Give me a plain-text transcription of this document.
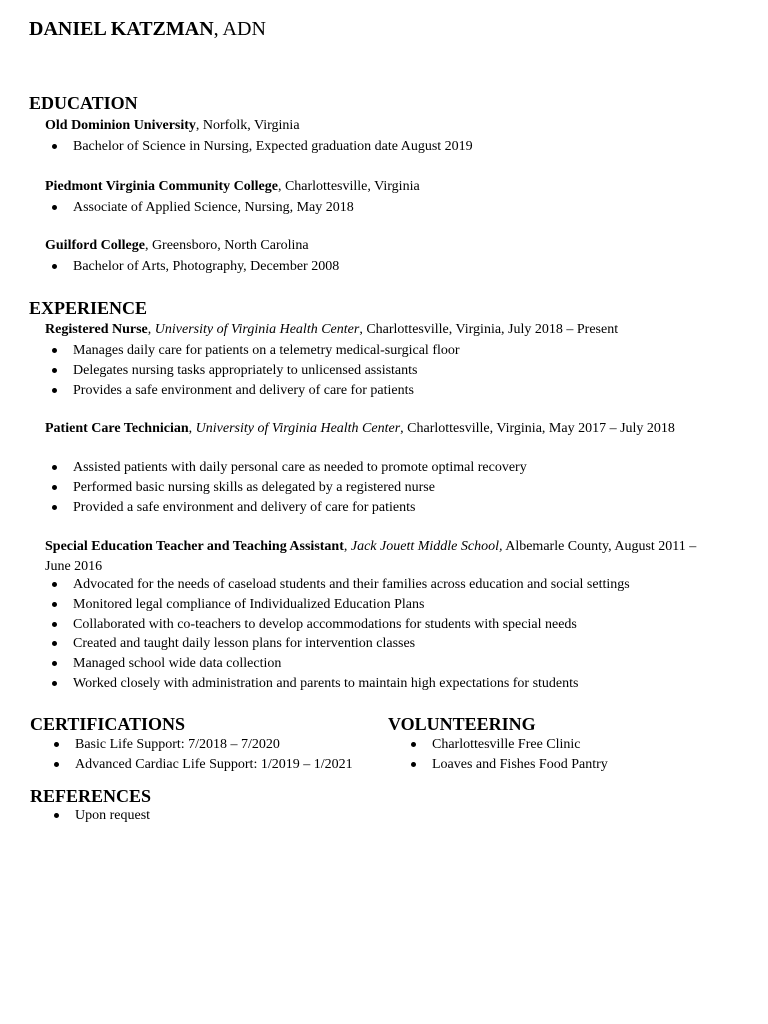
DANIEL KATZMAN, ADN
EDUCATION
Old Dominion University, Norfolk, Virginia
Bachelor of Science in Nursing, Expected graduation date August 2019
Piedmont Virginia Community College, Charlottesville, Virginia
Associate of Applied Science, Nursing, May 2018
Guilford College, Greensboro, North Carolina
Bachelor of Arts, Photography, December 2008
EXPERIENCE
Registered Nurse, University of Virginia Health Center, Charlottesville, Virginia, July 2018 – Present
Manages daily care for patients on a telemetry medical-surgical floor
Delegates nursing tasks appropriately to unlicensed assistants
Provides a safe environment and delivery of care for patients
Patient Care Technician, University of Virginia Health Center, Charlottesville, Virginia, May 2017 – July 2018
Assisted patients with daily personal care as needed to promote optimal recovery
Performed basic nursing skills as delegated by a registered nurse
Provided a safe environment and delivery of care for patients
Special Education Teacher and Teaching Assistant, Jack Jouett Middle School, Albemarle County, August 2011 – June 2016
Advocated for the needs of caseload students and their families across education and social settings
Monitored legal compliance of Individualized Education Plans
Collaborated with co-teachers to develop accommodations for students with special needs
Created and taught daily lesson plans for intervention classes
Managed school wide data collection
Worked closely with administration and parents to maintain high expectations for students
CERTIFICATIONS
Basic Life Support: 7/2018 – 7/2020
Advanced Cardiac Life Support: 1/2019 – 1/2021
VOLUNTEERING
Charlottesville Free Clinic
Loaves and Fishes Food Pantry
REFERENCES
Upon request
